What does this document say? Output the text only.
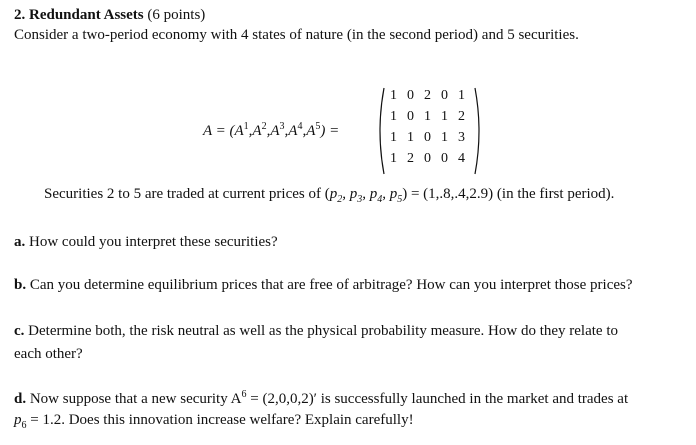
2. Redundant Assets (6 points)
Consider a two-period economy with 4 states of nature (in the second period) and 5 securities.
$A = (A^1,A^2,A^3,A^4,A^5)$ =
1 0 2 0 1
1 0 1 1 2
1 1 0 1 3
1 2 0 0 4
Securities 2 to 5 are traded at current prices of ($p_2$, $p_3$, $p_4$, $p_5) = (1,.8,.4,2.9)$ (in the first period).
a. How could you interpret these securities?
b. Can you determine equilibrium prices that are free of arbitrage? How can you interpret those prices?
c. Determine both, the risk neutral as well as the physical probability measure. How do they relate to
each other?
d. Now suppose that a new security $A^6 = (2,0,0,2)'$ is successfully launched in the market and trades at
$p_6 = 1.2$. Does this innovation increase welfare? Explain carefully!
